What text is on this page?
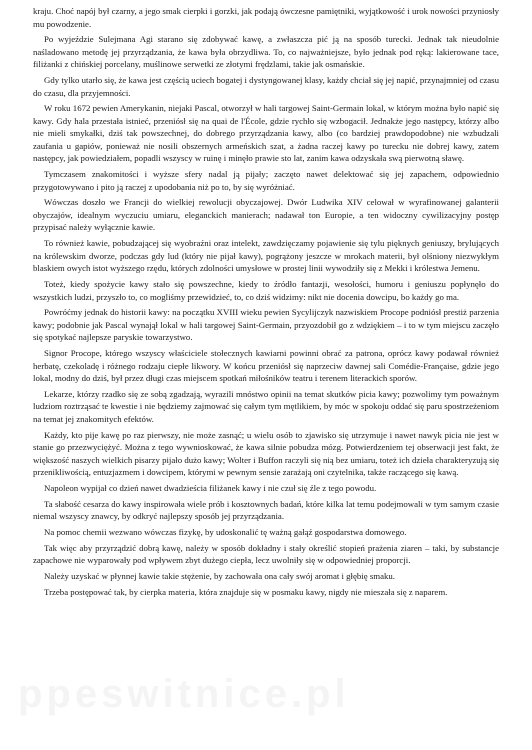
kraju. Choć napój był czarny, a jego smak cierpki i gorzki, jak podają ówczesne pamiętniki, wyjątkowość i urok nowości przyniosły mu powodzenie.

Po wyjeździe Sulejmana Agi starano się zdobywać kawę, a zwłaszcza pić ją na sposób turecki. Jednak tak nieudolnie naśladowano metodę jej przyrządzania, że kawa była obrzydliwa. To, co najważniejsze, było jednak pod ręką: lakierowane tace, filiżanki z chińskiej porcelany, muślinowe serwetki ze złotymi frędzlami, takie jak osmańskie.

Gdy tylko utarło się, że kawa jest częścią uciech bogatej i dystyngowanej klasy, każdy chciał się jej napić, przynajmniej od czasu do czasu, dla przyjemności.

W roku 1672 pewien Amerykanin, niejaki Pascal, otworzył w hali targowej Saint-Germain lokal, w którym można było napić się kawy. Gdy hala przestała istnieć, przeniósł się na quai de l'École, gdzie rychło się wzbogacił. Jednakże jego następcy, którzy albo nie mieli smykałki, dziś tak powszechnej, do dobrego przyrządzania kawy, albo (co bardziej prawdopodobne) nie wzbudzali zaufania u gapiów, ponieważ nie nosili obszernych armeńskich szat, a żadna raczej kawy po turecku nie dobrej kawy, zatem następcy, jak powiedziałem, popadli wszyscy w ruinę i minęło prawie sto lat, zanim kawa odzyskała swą pierwotną sławę.

Tymczasem znakomitości i wyższe sfery nadal ją pijały; zaczęto nawet delektować się jej zapachem, odpowiednio przygotowywano i pito ją raczej z upodobania niż po to, by się wyróżniać.

Wówczas doszło we Francji do wielkiej rewolucji obyczajowej. Dwór Ludwika XIV celował w wyrafinowanej galanterii obyczajów, idealnym wyczuciu umiaru, eleganckich manierach; nadawał ton Europie, a ten widoczny cywilizacyjny postęp przypisać należy wyłącznie kawie.

To również kawie, pobudzającej się wyobraźni oraz intelekt, zawdzięczamy pojawienie się tylu pięknych geniuszy, brylujących na królewskim dworze, podczas gdy lud (który nie pijał kawy), pogrążony jeszcze w mrokach materii, był olśniony niezwykłym blaskiem owych istot wyższego rzędu, których zdolności umysłowe w prostej linii wywodziły się z Mekki i królestwa Jemenu.

Toteż, kiedy spożycie kawy stało się powszechne, kiedy to źródło fantazji, wesołości, humoru i geniuszu popłynęło do wszystkich ludzi, przyszło to, co mogliśmy przewidzieć, to, co dziś widzimy: nikt nie docenia dowcipu, bo każdy go ma.

Powróćmy jednak do historii kawy: na początku XVIII wieku pewien Sycylijczyk nazwiskiem Procope podniósł prestiż parzenia kawy; podobnie jak Pascal wynajął lokal w hali targowej Saint-Germain, przyozdobił go z wdziękiem – i to w tym miejscu zaczęło się spotykać najlepsze paryskie towarzystwo.

Signor Procope, którego wszyscy właściciele stołecznych kawiarni powinni obrać za patrona, oprócz kawy podawał również herbatę, czekoladę i różnego rodzaju ciepłe likwory. W końcu przeniósł się naprzeciw dawnej sali Comédie-Française, gdzie jego lokal, modny do dziś, był przez długi czas miejscem spotkań miłośników teatru i terenem literackich sporów.

Lekarze, którzy rzadko się ze sobą zgadzają, wyrazili mnóstwo opinii na temat skutków picia kawy; pozwolimy tym poważnym ludziom roztrząsać te kwestie i nie będziemy zajmować się całym tym mętlikiem, by móc w spokoju oddać się paru spostrzeżeniom na temat jej znakomitych efektów.

Każdy, kto pije kawę po raz pierwszy, nie może zasnąć; u wielu osób to zjawisko się utrzymuje i nawet nawyk picia nie jest w stanie go przezwyciężyć. Można z tego wywnioskować, że kawa silnie pobudza mózg. Potwierdzeniem tej obserwacji jest fakt, że większość naszych wielkich pisarzy pijało dużo kawy; Wolter i Buffon raczyli się nią bez umiaru, toteż ich dzieła charakteryzują się przenikliwością, entuzjazmem i dowcipem, którymi w pewnym sensie zarażają oni czytelnika, także raczącego się kawą.

Napoleon wypijał co dzień nawet dwadzieścia filiżanek kawy i nie czuł się źle z tego powodu.

Ta słabość cesarza do kawy inspirowała wiele prób i kosztownych badań, które kilka lat temu podejmowali w tym samym czasie niemal wszyscy znawcy, by odkryć najlepszy sposób jej przyrządzania.

Na pomoc chemii wezwano wówczas fizykę, by udoskonalić tę ważną gałąź gospodarstwa domowego.

Tak więc aby przyrządzić dobrą kawę, należy w sposób dokładny i stały określić stopień prażenia ziaren – taki, by substancje zapachowe nie wyparowały pod wpływem zbyt dużego ciepła, lecz uwolniły się w odpowiedniej proporcji.

Należy uzyskać w płynnej kawie takie stężenie, by zachowała ona cały swój aromat i głębię smaku.

Trzeba postępować tak, by cierpka materia, która znajduje się w posmaku kawy, nigdy nie mieszała się z naparem.

ppeswitnice.pl
